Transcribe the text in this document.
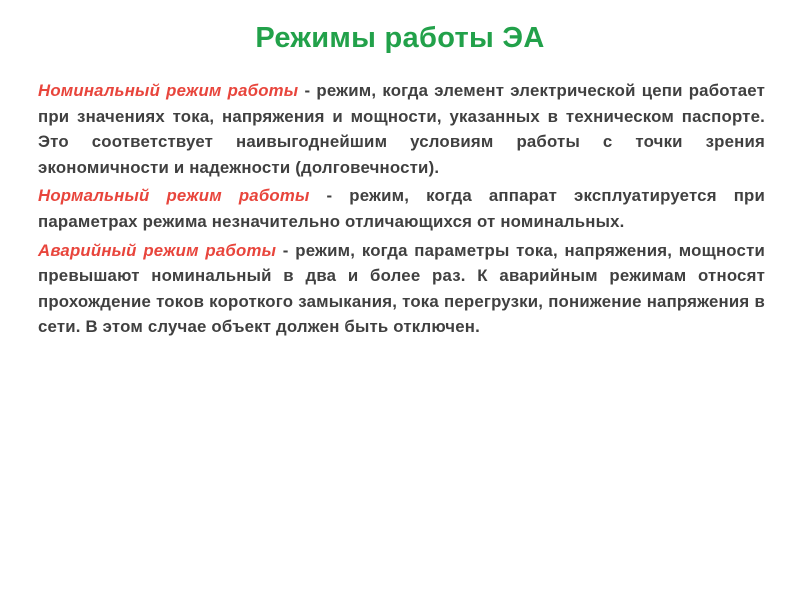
Режимы работы ЭА

Номинальный режим работы - режим, когда элемент электрической цепи работает при значениях тока, напряжения и мощности, указанных в техническом паспорте. Это соответствует наивыгоднейшим условиям работы с точки зрения экономичности и надежности (долговечности).

Нормальный режим работы - режим, когда аппарат эксплуатируется при параметрах режима незначительно отличающихся от номинальных.

Аварийный режим работы - режим, когда параметры тока, напряжения, мощности превышают номинальный в два и более раз. К аварийным режимам относят прохождение токов короткого замыкания, тока перегрузки, понижение напряжения в сети. В этом случае объект должен быть отключен.
